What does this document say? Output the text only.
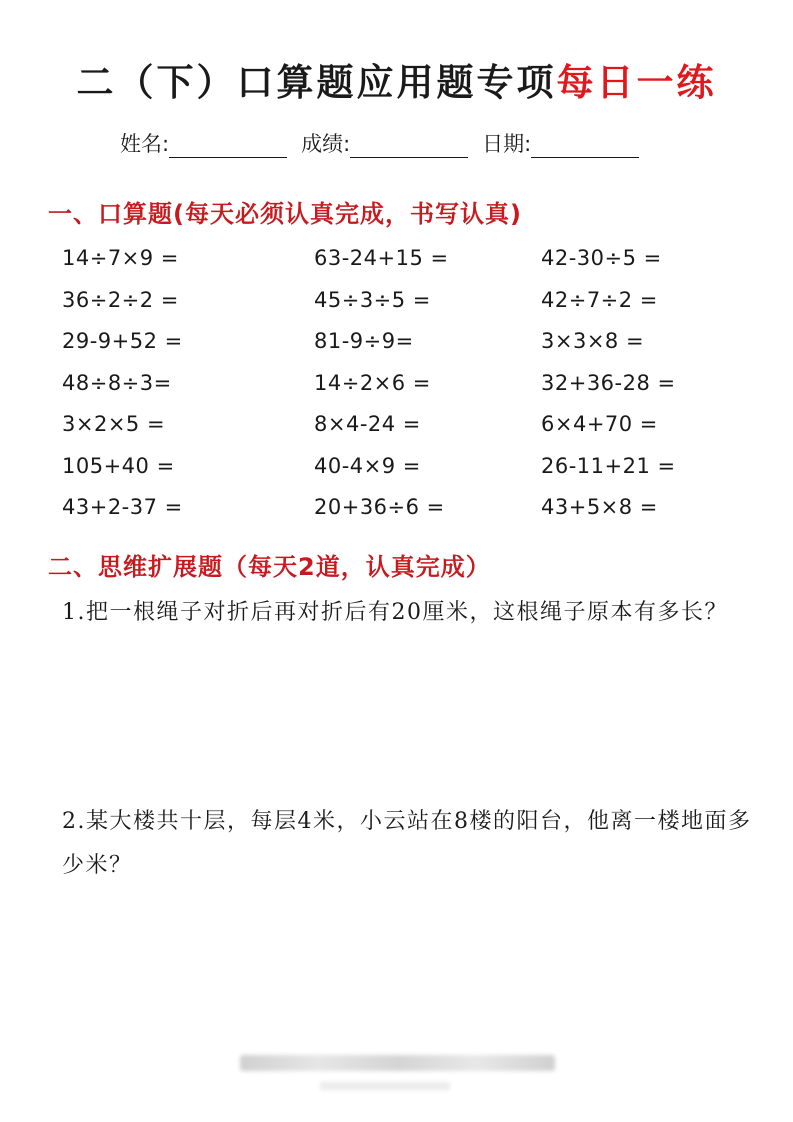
二（下）口算题应用题专项每日一练
姓名:	成绩:	日期:
一、口算题(每天必须认真完成，书写认真)
14÷7×9 =	63-24+15 =	42-30÷5 =
36÷2÷2 =	45÷3÷5 =	42÷7÷2 =
29-9+52 =	81-9÷9=	3×3×8 =
48÷8÷3=	14÷2×6 =	32+36-28 =
3×2×5 =	8×4-24 =	6×4+70 =
105+40 =	40-4×9 =	26-11+21 =
43+2-37 =	20+36÷6 =	43+5×8 =
二、思维扩展题（每天2道，认真完成）
1.把一根绳子对折后再对折后有20厘米，这根绳子原本有多长？
2.某大楼共十层，每层4米，小云站在8楼的阳台，他离一楼地面多少米？
